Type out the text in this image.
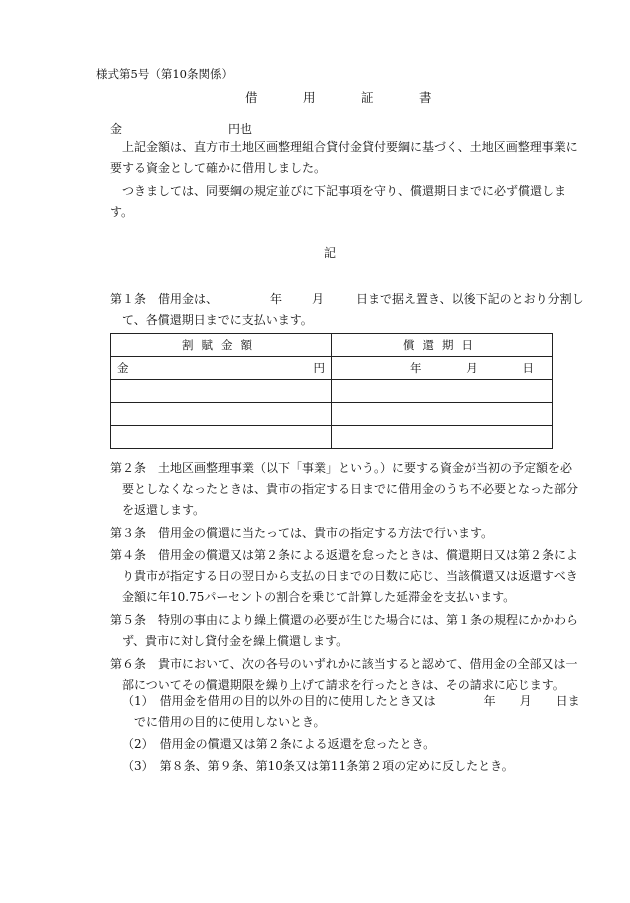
様式第5号（第10条関係）
借	用	証	書
金	円也
上記金額は、直方市土地区画整理組合貸付金貸付要綱に基づく、土地区画整理事業に
要する資金として確かに借用しました。
つきましては、同要綱の規定並びに下記事項を守り、償還期日までに必ず償還しま
す。
記
第１条　借用金は、	年	月	日まで据え置き、以後下記のとおり分割し
て、各償還期日までに支払います。
割賦金額	償還期日

金 円	年 月 日

第２条　土地区画整理事業（以下「事業」という。）に要する資金が当初の予定額を必
要としなくなったときは、貴市の指定する日までに借用金のうち不必要となった部分
を返還します。
第３条　借用金の償還に当たっては、貴市の指定する方法で行います。
第４条　借用金の償還又は第２条による返還を怠ったときは、償還期日又は第２条によ
り貴市が指定する日の翌日から支払の日までの日数に応じ、当該償還又は返還すべき
金額に年10.75パーセントの割合を乗じて計算した延滞金を支払います。
第５条　特別の事由により繰上償還の必要が生じた場合には、第１条の規程にかかわら
ず、貴市に対し貸付金を繰上償還します。
第６条　貴市において、次の各号のいずれかに該当すると認めて、借用金の全部又は一
部についてその償還期限を繰り上げて請求を行ったときは、その請求に応じます。
（1）　借用金を借用の目的以外の目的に使用したとき又は	年 月 日ま
でに借用の目的に使用しないとき。
（2）　借用金の償還又は第２条による返還を怠ったとき。
（3）　第８条、第９条、第10条又は第11条第２項の定めに反したとき。
